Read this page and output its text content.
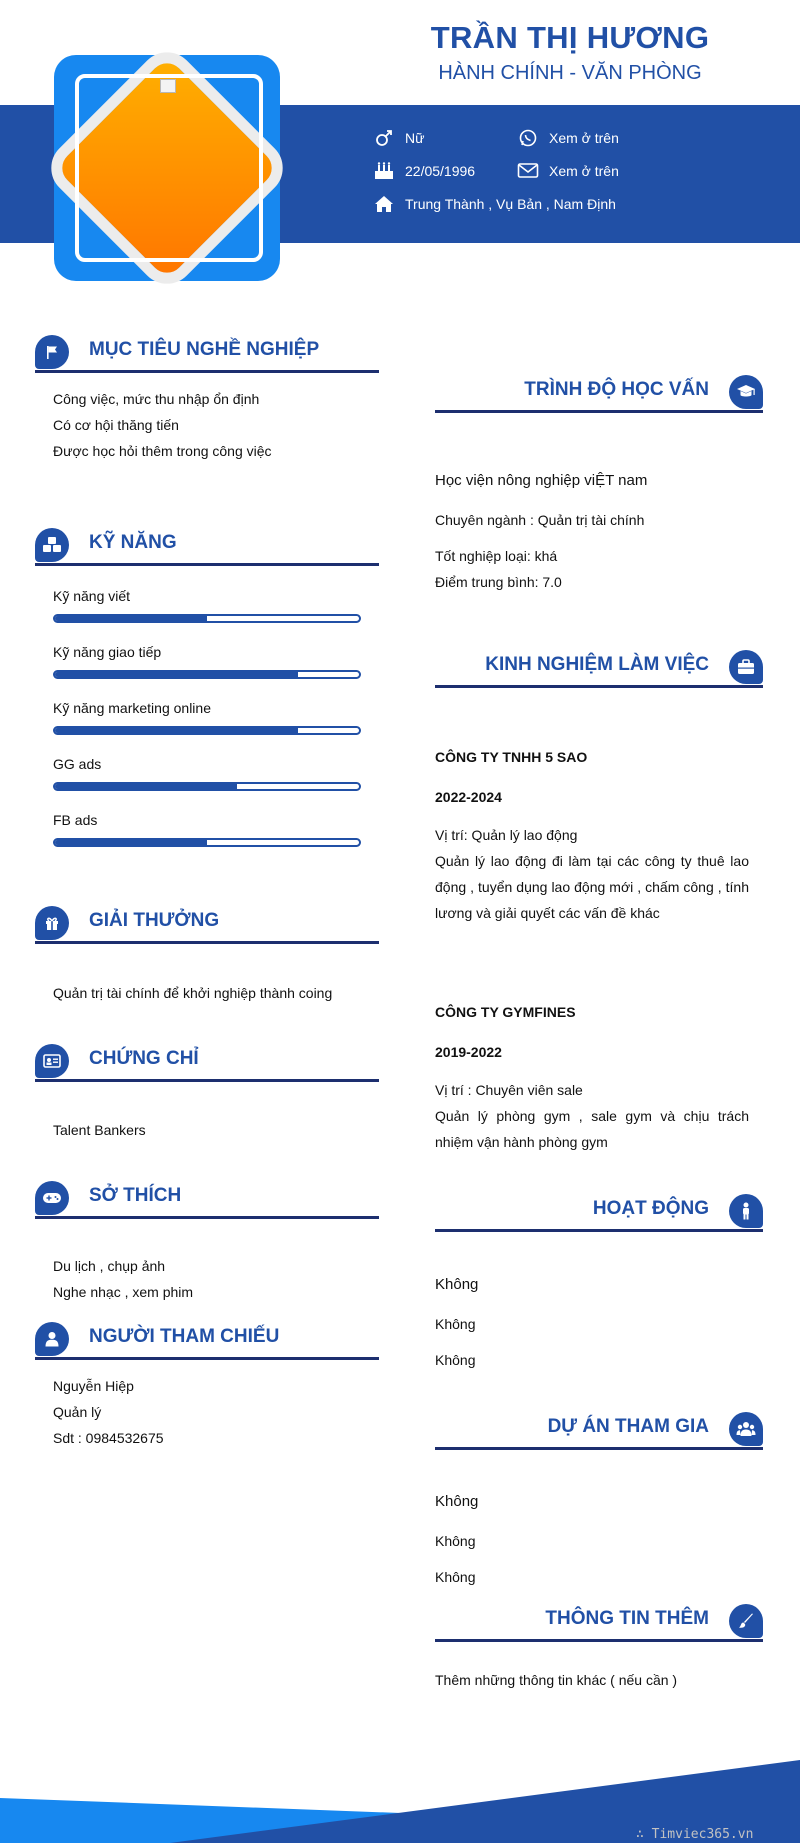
TRẦN THỊ HƯƠNG
HÀNH CHÍNH - VĂN PHÒNG
Nữ	Xem ở trên
22/05/1996	Xem ở trên
Trung Thành , Vụ Bản , Nam Định
MỤC TIÊU NGHỀ NGHIỆP
Công việc, mức thu nhập ổn định
Có cơ hội thăng tiến
Được học hỏi thêm trong công việc
KỸ NĂNG
Kỹ năng viết
Kỹ năng giao tiếp
Kỹ năng marketing online
GG ads
FB ads
GIẢI THƯỞNG
Quản trị tài chính để khởi nghiệp thành coing
CHỨNG CHỈ
Talent Bankers
SỞ THÍCH
Du lịch , chụp ảnh
Nghe nhạc , xem phim
NGƯỜI THAM CHIẾU
Nguyễn Hiệp
Quản lý
Sdt : 0984532675
TRÌNH ĐỘ HỌC VẤN
Học viện nông nghiệp viỆT nam
Chuyên ngành : Quản trị tài chính
Tốt nghiệp loại: khá
Điểm trung bình: 7.0
KINH NGHIỆM LÀM VIỆC
CÔNG TY TNHH 5 SAO
2022-2024
Vị trí: Quản lý lao động
Quản lý lao động đi làm tại các công ty thuê lao động , tuyển dụng lao động mới , chấm công , tính lương và giải quyết các vấn đề khác
CÔNG TY GYMFINES
2019-2022
Vị trí : Chuyên viên sale
Quản lý phòng gym , sale gym và chịu trách nhiệm vận hành phòng gym
HOẠT ĐỘNG
Không
Không
Không
DỰ ÁN THAM GIA
Không
Không
Không
THÔNG TIN THÊM
Thêm những thông tin khác ( nếu cần )
∴ Timviec365.vn
